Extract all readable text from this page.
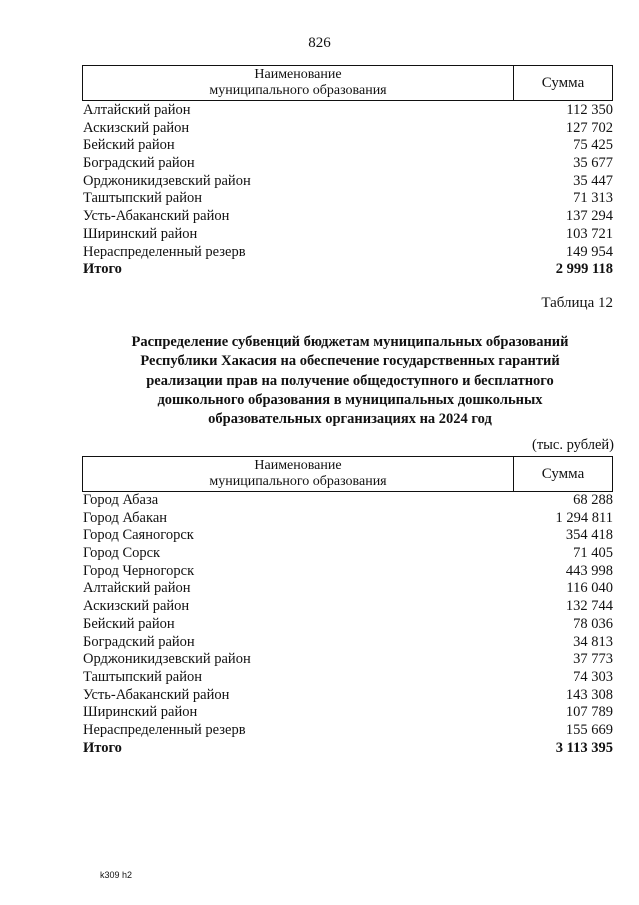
826
Наименование
муниципального образования	Сумма
Алтайский район	112 350
Аскизский район	127 702
Бейский район	75 425
Боградский район	35 677
Орджоникидзевский район	35 447
Таштыпский район	71 313
Усть-Абаканский район	137 294
Ширинский район	103 721
Нераспределенный резерв	149 954
Итого	2 999 118
Таблица 12
Распределение субвенций бюджетам муниципальных образований
Республики Хакасия на обеспечение государственных гарантий
реализации прав на получение общедоступного и бесплатного
дошкольного образования в муниципальных дошкольных
образовательных организациях на 2024 год
(тыс. рублей)
Наименование
муниципального образования	Сумма
Город Абаза	68 288
Город Абакан	1 294 811
Город Саяногорск	354 418
Город Сорск	71 405
Город Черногорск	443 998
Алтайский район	116 040
Аскизский район	132 744
Бейский район	78 036
Боградский район	34 813
Орджоникидзевский район	37 773
Таштыпский район	74 303
Усть-Абаканский район	143 308
Ширинский район	107 789
Нераспределенный резерв	155 669
Итого	3 113 395
k309 h2
